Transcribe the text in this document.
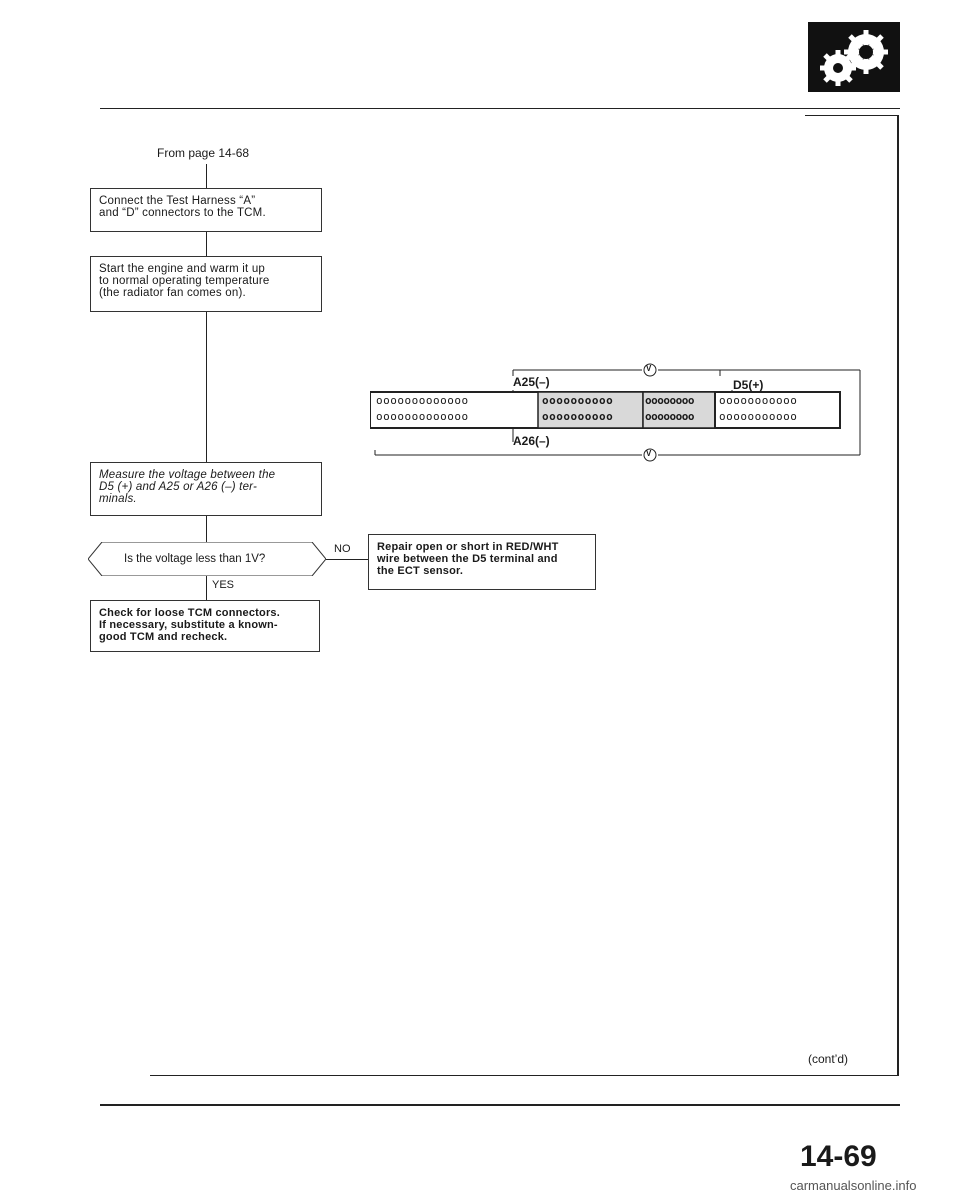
From page 14-68
Connect the Test Harness “A”
and “D” connectors to the TCM.
Start the engine and warm it up
to normal operating temperature
(the radiator fan comes on).
Measure the voltage between the
D5 (+) and A25 or A26 (–) ter-
minals.
Is the voltage less than 1V?
NO Repair open or short in RED/WHT
wire between the D5 terminal and
the ECT sensor.
YES
Check for loose TCM connectors.
If necessary, substitute a known-
good TCM and recheck.
V
V
A25(–)	D5(+)
A26(–)
ooooooooooooo
ooooooooooooo
oooooooooo
oooooooooo
oooooooo
oooooooo
ooooooooooo
ooooooooooo
(cont’d)
14-69
carmanualsonline.info
